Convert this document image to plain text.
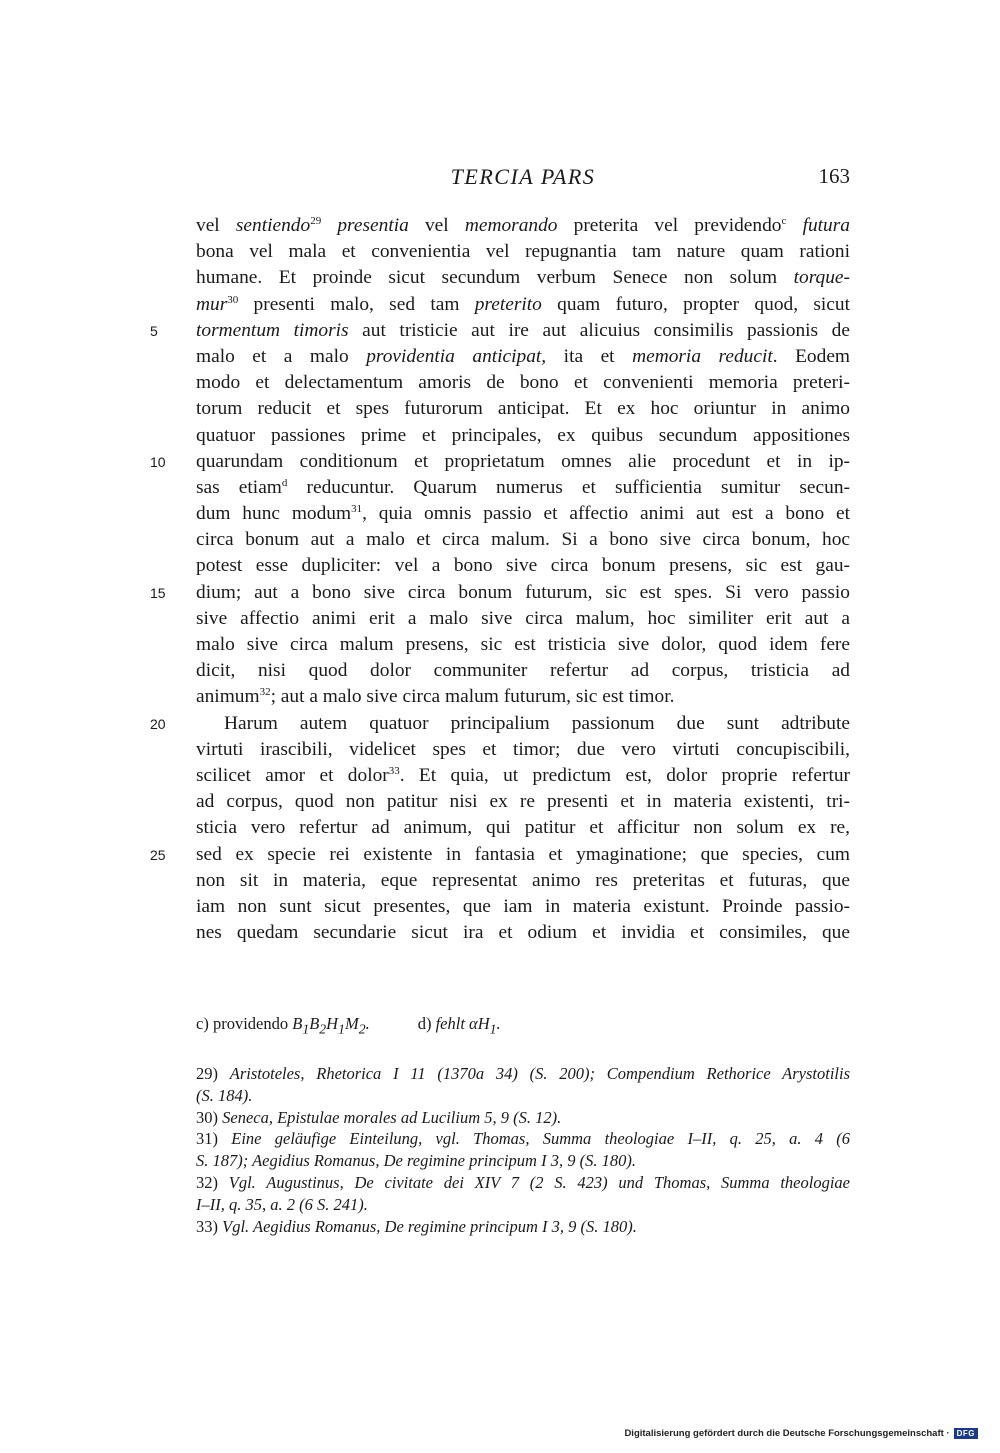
TERCIA PARS	163
vel sentiendo$^{29}$ presentia vel memorando preterita vel previdendo$^c$ futura
bona vel mala et convenientia vel repugnantia tam nature quam rationi
humane. Et proinde sicut secundum verbum Senece non solum torque-
mur$^{30}$ presenti malo, sed tam preterito quam futuro, propter quod, sicut
tormentum timoris aut tristicie aut ire aut alicuius consimilis passionis de
5
malo et a malo providentia anticipat, ita et memoria reducit. Eodem
modo et delectamentum amoris de bono et convenienti memoria preteri-
torum reducit et spes futurorum anticipat. Et ex hoc oriuntur in animo
quatuor passiones prime et principales, ex quibus secundum appositiones
quarundam conditionum et proprietatum omnes alie procedunt et in ip-
10
sas etiam$^d$ reducuntur. Quarum numerus et sufficientia sumitur secun-
dum hunc modum$^{31}$, quia omnis passio et affectio animi aut est a bono et
circa bonum aut a malo et circa malum. Si a bono sive circa bonum, hoc
potest esse dupliciter: vel a bono sive circa bonum presens, sic est gau-
dium; aut a bono sive circa bonum futurum, sic est spes. Si vero passio
15
sive affectio animi erit a malo sive circa malum, hoc similiter erit aut a
malo sive circa malum presens, sic est tristicia sive dolor, quod idem fere
dicit, nisi quod dolor communiter refertur ad corpus, tristicia ad
animum$^{32}$; aut a malo sive circa malum futurum, sic est timor.
Harum autem quatuor principalium passionum due sunt adtribute
20
virtuti irascibili, videlicet spes et timor; due vero virtuti concupiscibili,
scilicet amor et dolor$^{33}$. Et quia, ut predictum est, dolor proprie refertur
ad corpus, quod non patitur nisi ex re presenti et in materia existenti, tri-
sticia vero refertur ad animum, qui patitur et afficitur non solum ex re,
sed ex specie rei existente in fantasia et ymaginatione; que species, cum
25
non sit in materia, eque representat animo res preteritas et futuras, que
iam non sunt sicut presentes, que iam in materia existunt. Proinde passio-
nes quedam secundarie sicut ira et odium et invidia et consimiles, que
c) providendo $B_1B_2H_1M_2$.	d) fehlt $\alpha H_1$.
29) Aristoteles, Rhetorica I 11 (1370a 34) (S. 200); Compendium Rethorice Arystotilis
(S. 184).
30) Seneca, Epistulae morales ad Lucilium 5, 9 (S. 12).
31) Eine geläufige Einteilung, vgl. Thomas, Summa theologiae I–II, q. 25, a. 4 (6
S. 187); Aegidius Romanus, De regimine principum I 3, 9 (S. 180).
32) Vgl. Augustinus, De civitate dei XIV 7 (2 S. 423) und Thomas, Summa theologiae
I–II, q. 35, a. 2 (6 S. 241).
33) Vgl. Aegidius Romanus, De regimine principum I 3, 9 (S. 180).
Digitalisierung gefördert durch die Deutsche Forschungsgemeinschaft · DFG
